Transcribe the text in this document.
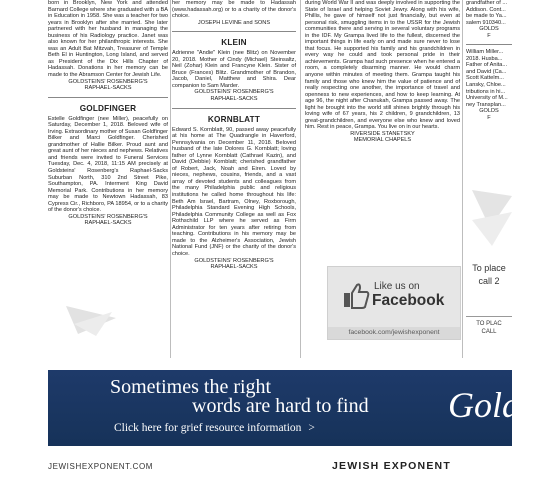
born in Brooklyn, New York and attended Barnard College where she graduated with a BA in Education in 1958. She was a teacher for two years in Brooklyn after she married. She later partnered with her husband in managing the business of his Radiology practice. Janet was also known for her philanthropic interests. She was an Adult Bat Mitzvah, Treasurer of Temple Beth El in Huntington, Long Island, and served as President of the Dix Hills Chapter of Hadassah. Donations in her memory can be made to the Abramson Center for Jewish Life.

GOLDSTEINS' ROSENBERG'S

RAPHAEL-SACKS

GOLDFINGER

Estelle Goldfinger (nee Miller), peacefully on Saturday, December 1, 2018. Beloved wife of Irving. Extraordinary mother of Susan Goldfinger Bilker and Marci Goldfinger. Cherished grandmother of Hallie Bilker. Proud aunt and great aunt of her nieces and nephews. Relatives and friends were invited to Funeral Services Tuesday, Dec. 4, 2018, 11:15 AM precisely at Goldsteins' Rosenberg's Raphael-Sacks Suburban North, 310 2nd Street Pike, Southampton, PA. Interment King David Memorial Park. Contributions in her memory may be made to Newtown Hadassah, 83 Cypress Cir., Richboro, PA 18954, or to a charity of the donor's choice.

GOLDSTEINS' ROSENBERG'S

RAPHAEL-SACKS

her memory may be made to Hadassah (www.hadassah.org) or to a charity of the donor's choice.

JOSEPH LEVINE and SONS

KLEIN

Adrienne "Andie" Klein (nee Blitz) on November 20, 2018. Mother of Cindy (Michael) Steinsaltz, Neil (Zohar) Klein and Francyne Klein. Sister of Bruce (Frances) Blitz. Grandmother of Brandon, Jacob, Daniel, Matthew and Shira. Dear companion to Sam Marder.

GOLDSTEINS' ROSENBERG'S

RAPHAEL-SACKS

KORNBLATT

Edward S. Kornblatt, 90, passed away peacefully at his home at The Quadrangle in Haverford, Pennsylvania on December 11, 2018. Beloved husband of the late Dolores G. Kornblatt; loving father of Lynne Kornblatt (Cathrael Kazin), and David (Debbie) Kornblatt; cherished grandfather of Robert, Jack, Noah and Eiren. Loved by nieces, nephews, cousins, friends, and a vast array of devoted students and colleagues from the many Philadelphia public and religious institutions he called home throughout his life: Beth Am Israel, Bartram, Olney, Roxborough, Philadelphia Standard Evening High Schools, Philadelphia Community College as well as Fox Rothschild LLP where he served as Firm Administrator for ten years after retiring from teaching. Contributions in his memory may be made to the Alzheimer's Association, Jewish National Fund (JNF) or the charity of the donor's choice.

GOLDSTEINS' ROSENBERG'S

RAPHAEL-SACKS

during World War II and was deeply involved in supporting the State of Israel and helping Soviet Jewry. Along with his wife, Phillis, he gave of himself not just financially, but even at personal risk, smuggling items in to the USSR for the Jewish communities there and serving in several voluntary programs in the IDF. My Grampa lived life to the fullest, discerned the important things in life early on and made sure never to lose that focus. He supported his family and his grandchildren in every way he could and took personal pride in their achievements. Grampa had such presence when he entered a room, a completely disarming manner. He would charm anyone within minutes of meeting them. Grampa taught his family and those who knew him the value of patience and of really respecting one another, the importance of travel and openness to new experiences, and how to keep learning. At age 96, the night after Chanukah, Grampa passed away. The light he brought into the world still shines brightly through his loving wife of 67 years, his 2 children, 9 grandchildren, 13 great-grandchildren, and everyone else who knew and loved him. Rest in peace, Grampa. You live on in our hearts.

RIVERSIDE STANETSKY

MEMORIAL CHAPELS

Like us on
Facebook
facebook.com/jewishexponent

grandfather of ... Addison. Cont... be made to Ya... salem 910340...

GOLDS

F

William Miller... 2018. Husba... Father of Anita... and David (Ca... Scott Kattelm... Lansky, Chloe... tributions in hi... University of M... ney Transplan...

GOLDS

F

To place
call 2
TO PLAC
CALL
Sometimes the right
words are hard to find
Click here for grief resource information >
Golds
JEWISHEXPONENT.COM	JEWISH EXPONENT
